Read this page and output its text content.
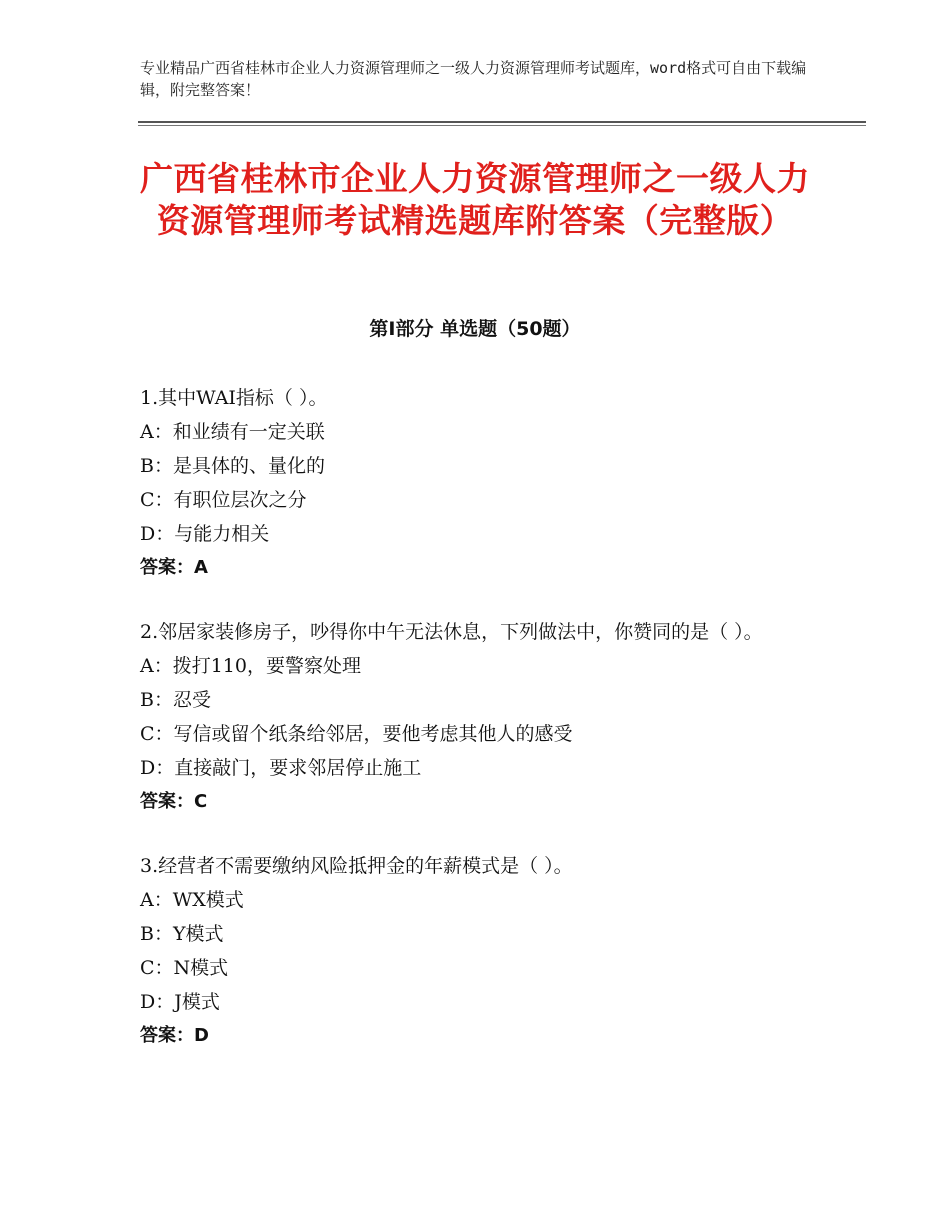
专业精品广西省桂林市企业人力资源管理师之一级人力资源管理师考试题库，word格式可自由下载编辑，附完整答案！
广西省桂林市企业人力资源管理师之一级人力资源管理师考试精选题库附答案（完整版）
第Ⅰ部分 单选题（50题）
1.其中WAI指标（ ）。
A：和业绩有一定关联
B：是具体的、量化的
C：有职位层次之分
D：与能力相关
答案：A
2.邻居家装修房子，吵得你中午无法休息，下列做法中，你赞同的是（ ）。
A：拨打110，要警察处理
B：忍受
C：写信或留个纸条给邻居，要他考虑其他人的感受
D：直接敲门，要求邻居停止施工
答案：C
3.经营者不需要缴纳风险抵押金的年薪模式是（ ）。
A：WX模式
B：Y模式
C：N模式
D：J模式
答案：D
